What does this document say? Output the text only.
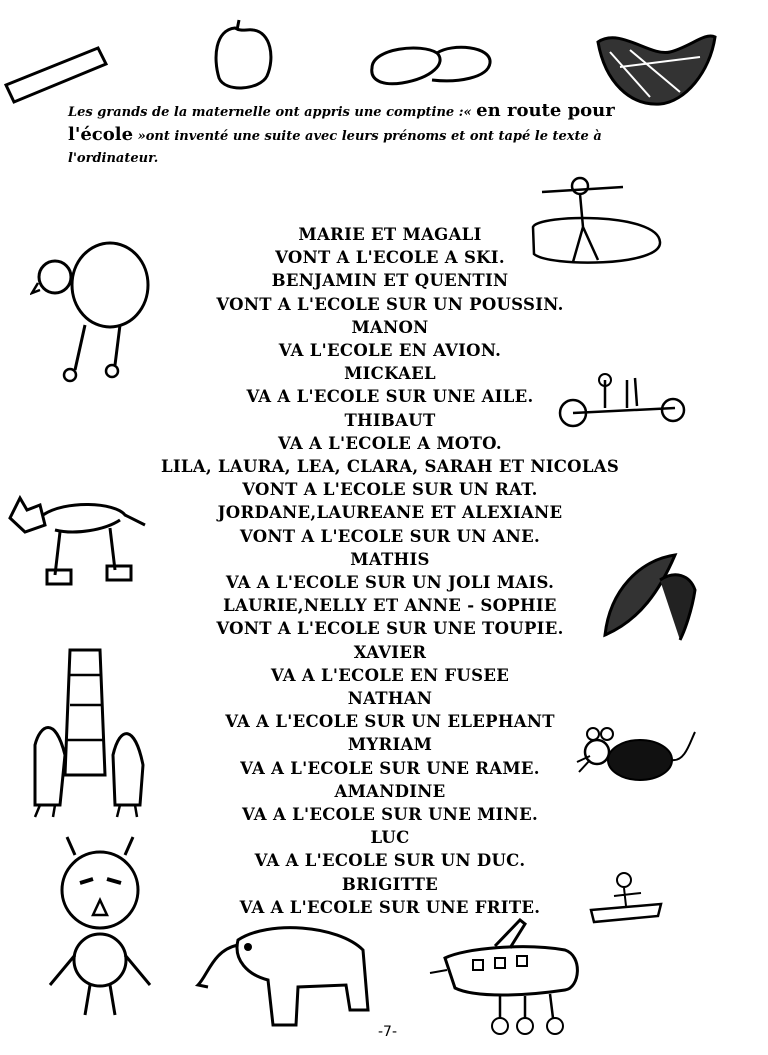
Les grands de la maternelle ont appris une comptine :« en route pour
l'école »ont inventé une suite avec leurs prénoms et ont tapé le texte à l'ordinateur.
MARIE ET MAGALI
VONT A L'ECOLE A SKI.
BENJAMIN ET QUENTIN
VONT A L'ECOLE SUR UN POUSSIN.
MANON
VA L'ECOLE EN AVION.
MICKAEL
VA A L'ECOLE SUR UNE AILE.
THIBAUT
VA A L'ECOLE A MOTO.
LILA, LAURA, LEA, CLARA, SARAH ET NICOLAS
VONT A L'ECOLE SUR UN RAT.
JORDANE,LAUREANE ET ALEXIANE
VONT A L'ECOLE SUR UN ANE.
MATHIS
VA A L'ECOLE SUR UN JOLI MAIS.
LAURIE,NELLY ET ANNE - SOPHIE
VONT A L'ECOLE SUR UNE TOUPIE.
XAVIER
VA A L'ECOLE EN FUSEE
NATHAN
VA A L'ECOLE SUR UN ELEPHANT
MYRIAM
VA A L'ECOLE SUR UNE RAME.
AMANDINE
VA A L'ECOLE SUR UNE MINE.
LUC
VA A L'ECOLE SUR UN DUC.
BRIGITTE
VA A L'ECOLE SUR UNE FRITE.
-7-
